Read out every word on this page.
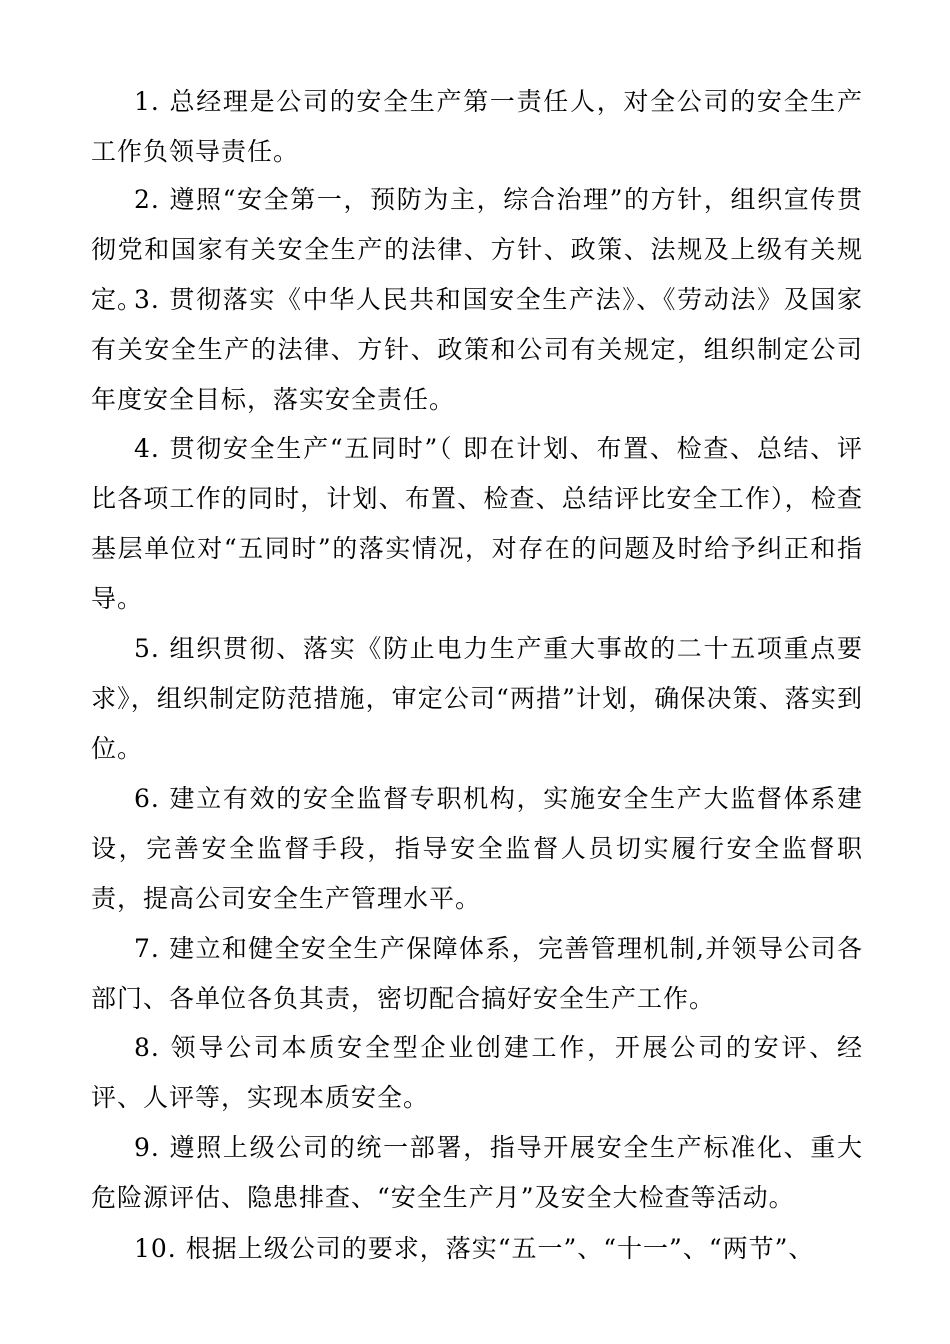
1. 总经理是公司的安全生产第一责任人，对全公司的安全生产工作负领导责任。

2. 遵照“安全第一，预防为主，综合治理”的方针，组织宣传贯彻党和国家有关安全生产的法律、方针、政策、法规及上级有关规定。

3. 贯彻落实《中华人民共和国安全生产法》、《劳动法》及国家有关安全生产的法律、方针、政策和公司有关规定，组织制定公司年度安全目标，落实安全责任。

4. 贯彻安全生产“五同时”（ 即在计划、布置、检查、总结、评比各项工作的同时，计划、布置、检查、总结评比安全工作），检查基层单位对“五同时”的落实情况，对存在的问题及时给予纠正和指导。

5. 组织贯彻、落实《防止电力生产重大事故的二十五项重点要求》，组织制定防范措施，审定公司“两措”计划，确保决策、落实到位。

6. 建立有效的安全监督专职机构，实施安全生产大监督体系建设，完善安全监督手段，指导安全监督人员切实履行安全监督职责，提高公司安全生产管理水平。

7. 建立和健全安全生产保障体系，完善管理机制,并领导公司各部门、各单位各负其责，密切配合搞好安全生产工作。

8. 领导公司本质安全型企业创建工作，开展公司的安评、经评、人评等，实现本质安全。

9. 遵照上级公司的统一部署，指导开展安全生产标准化、重大危险源评估、隐患排查、“安全生产月”及安全大检查等活动。

10. 根据上级公司的要求，落实“五一”、“十一”、“两节”、
